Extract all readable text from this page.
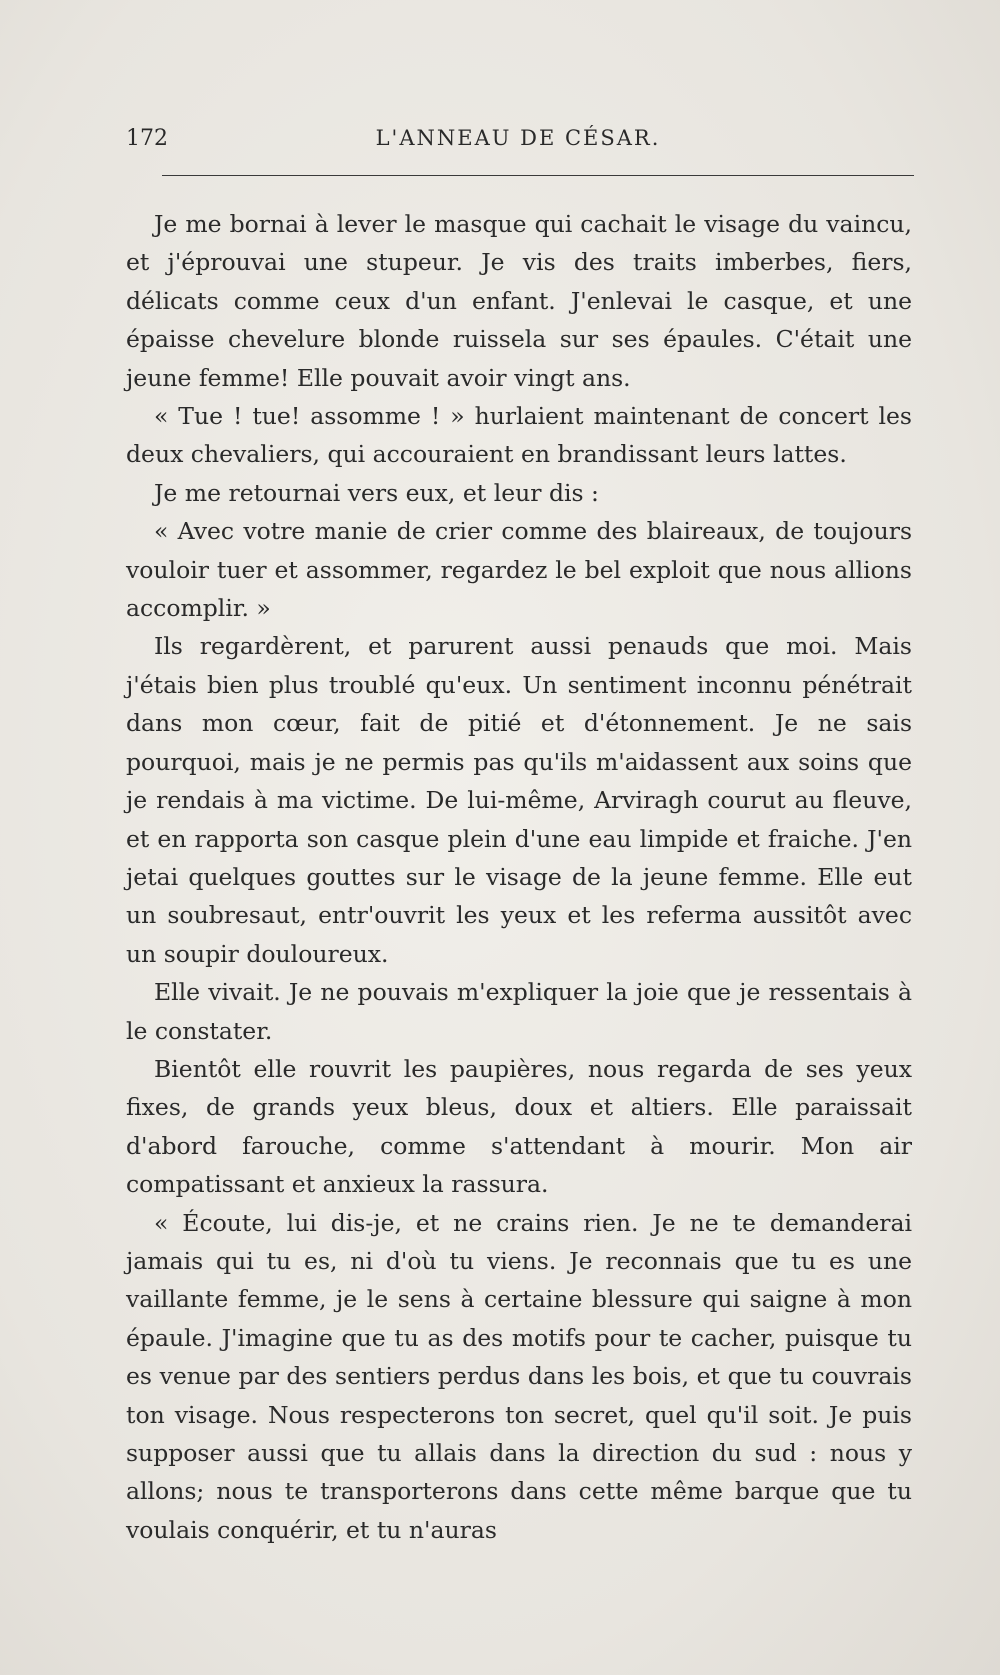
172	L'ANNEAU DE CÉSAR.

Je me bornai à lever le masque qui cachait le visage du vaincu, et j'éprouvai une stupeur. Je vis des traits imberbes, fiers, délicats comme ceux d'un enfant. J'enlevai le casque, et une épaisse chevelure blonde ruissela sur ses épaules. C'était une jeune femme! Elle pouvait avoir vingt ans.

« Tue ! tue! assomme ! » hurlaient maintenant de concert les deux chevaliers, qui accouraient en brandissant leurs lattes.

Je me retournai vers eux, et leur dis :

« Avec votre manie de crier comme des blaireaux, de toujours vouloir tuer et assommer, regardez le bel exploit que nous allions accomplir. »

Ils regardèrent, et parurent aussi penauds que moi. Mais j'étais bien plus troublé qu'eux. Un sentiment inconnu pénétrait dans mon cœur, fait de pitié et d'étonnement. Je ne sais pourquoi, mais je ne permis pas qu'ils m'aidassent aux soins que je rendais à ma victime. De lui-même, Arviragh courut au fleuve, et en rapporta son casque plein d'une eau limpide et fraiche. J'en jetai quelques gouttes sur le visage de la jeune femme. Elle eut un soubresaut, entr'ouvrit les yeux et les referma aussitôt avec un soupir douloureux.

Elle vivait. Je ne pouvais m'expliquer la joie que je ressentais à le constater.

Bientôt elle rouvrit les paupières, nous regarda de ses yeux fixes, de grands yeux bleus, doux et altiers. Elle paraissait d'abord farouche, comme s'attendant à mourir. Mon air compatissant et anxieux la rassura.

« Écoute, lui dis-je, et ne crains rien. Je ne te demanderai jamais qui tu es, ni d'où tu viens. Je reconnais que tu es une vaillante femme, je le sens à certaine blessure qui saigne à mon épaule. J'imagine que tu as des motifs pour te cacher, puisque tu es venue par des sentiers perdus dans les bois, et que tu couvrais ton visage. Nous respecterons ton secret, quel qu'il soit. Je puis supposer aussi que tu allais dans la direction du sud : nous y allons; nous te transporterons dans cette même barque que tu voulais conquérir, et tu n'auras
